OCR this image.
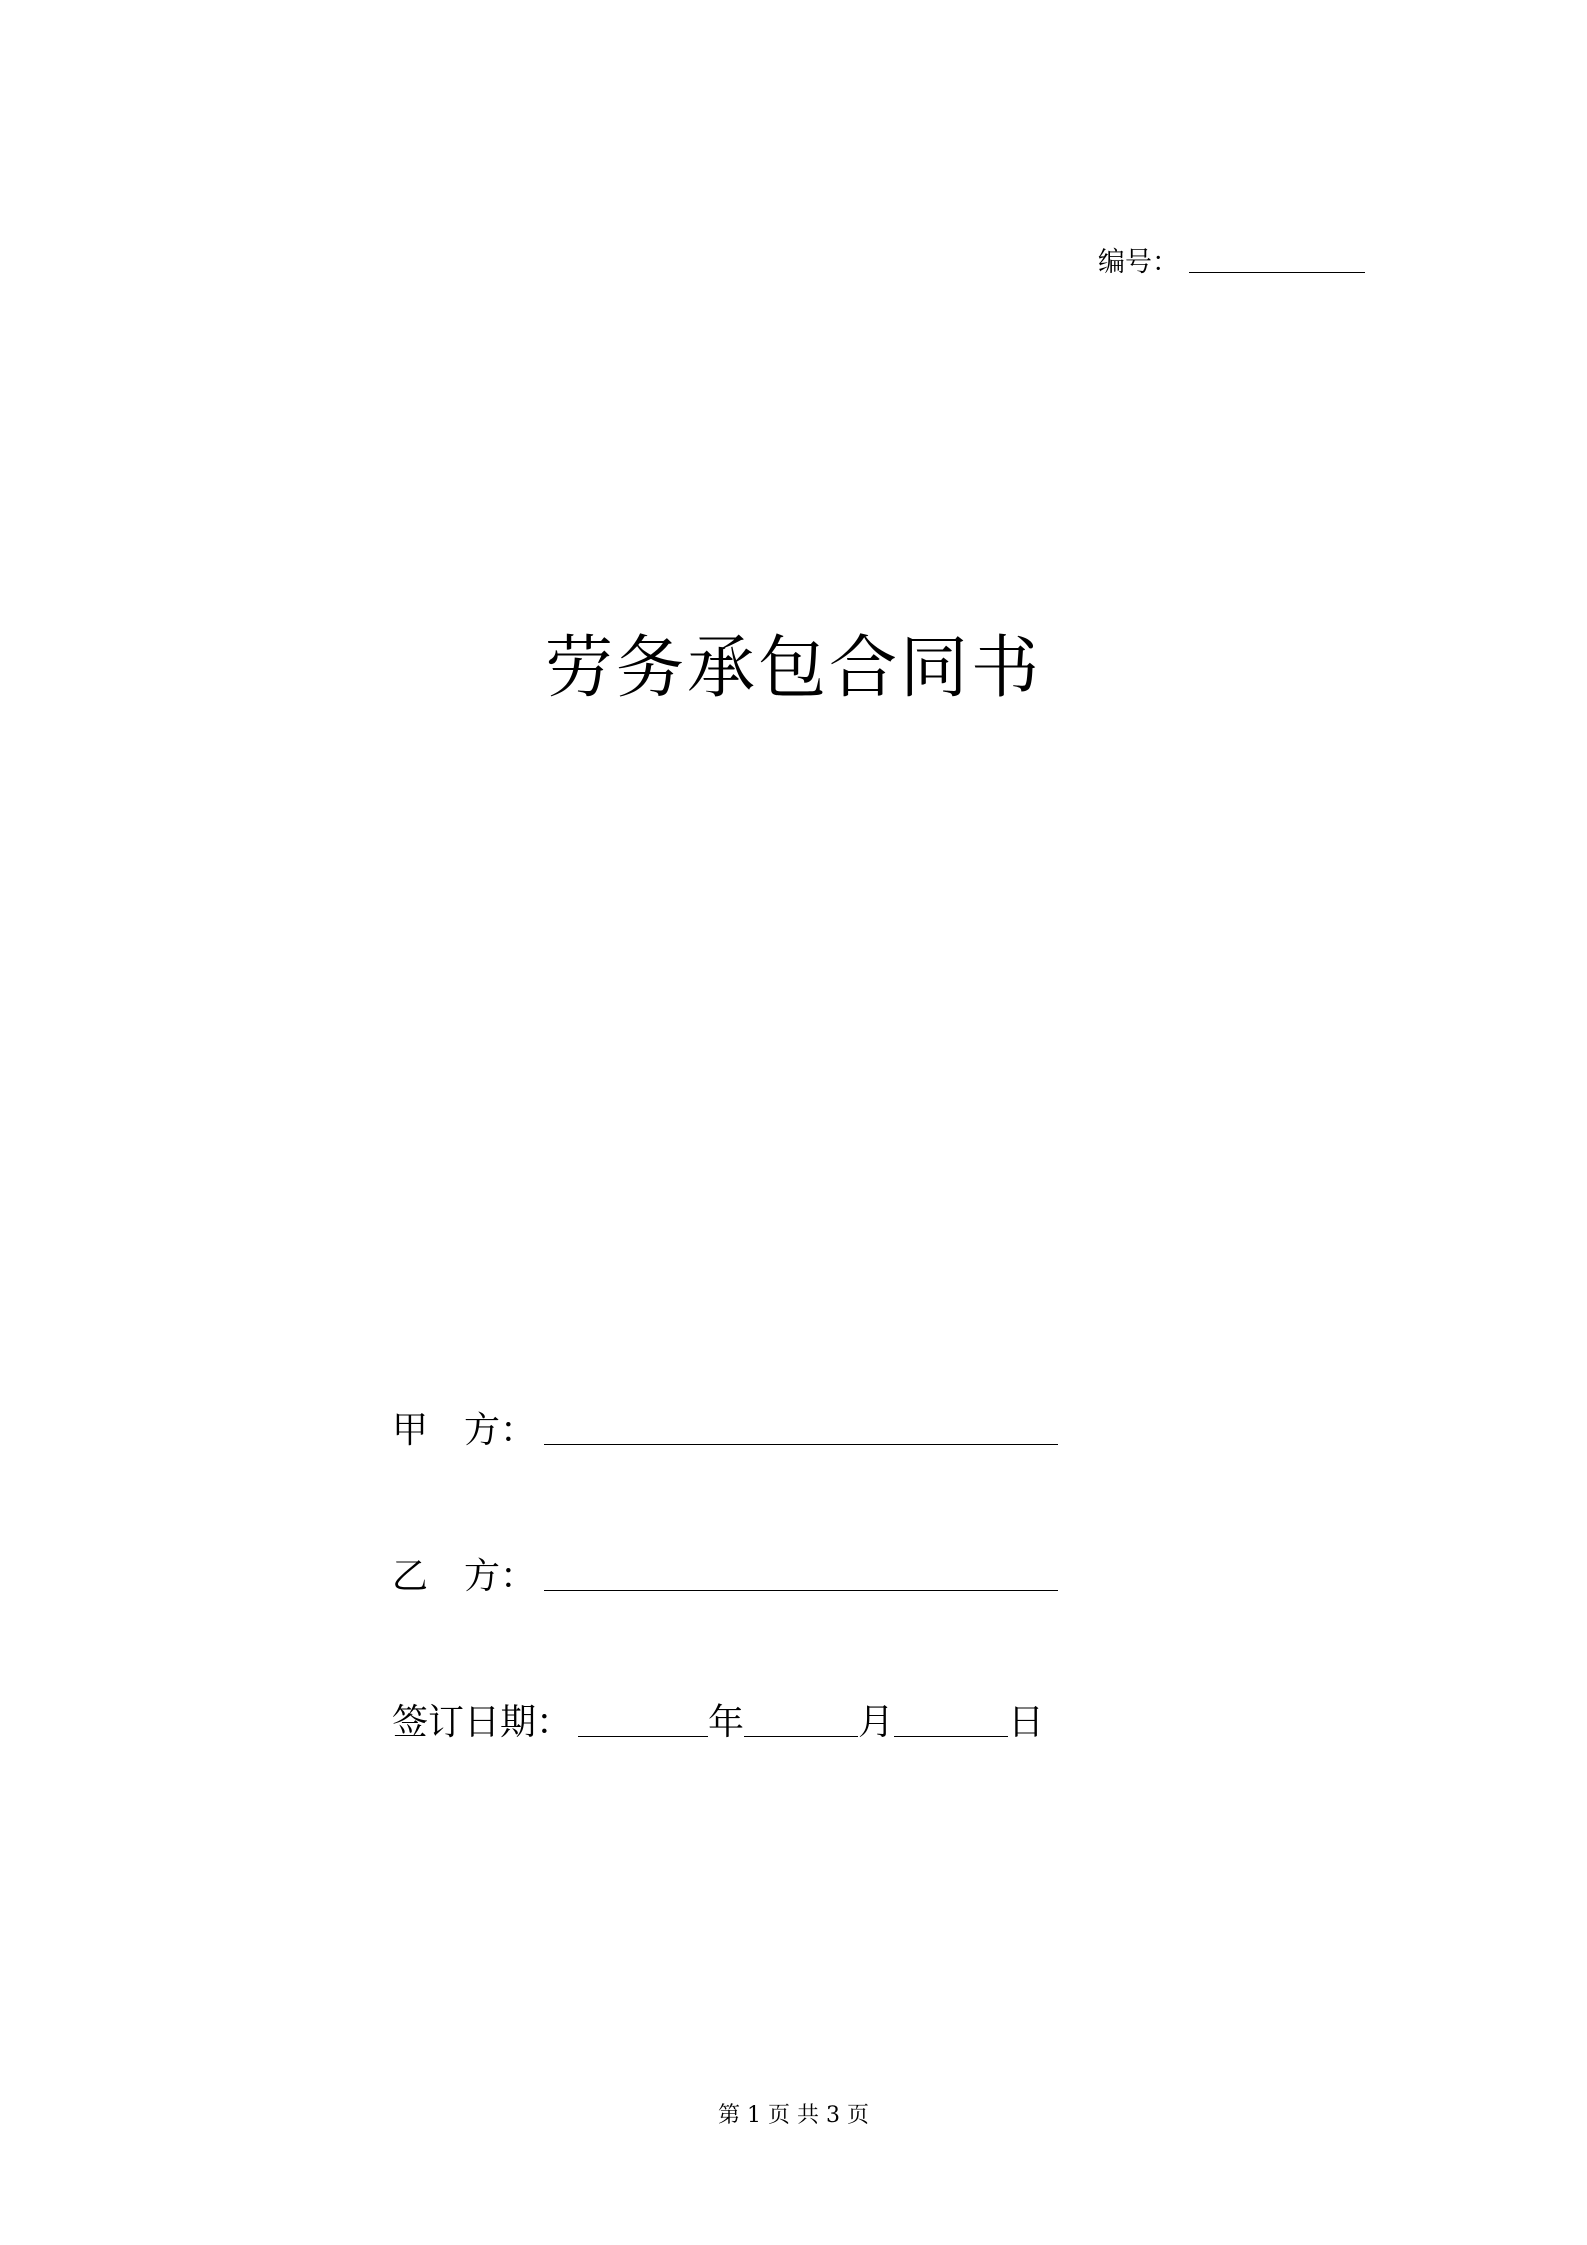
编号：
劳务承包合同书
甲　方：
乙　方：
签订日期：	年	月	日
第 1 页 共 3 页
